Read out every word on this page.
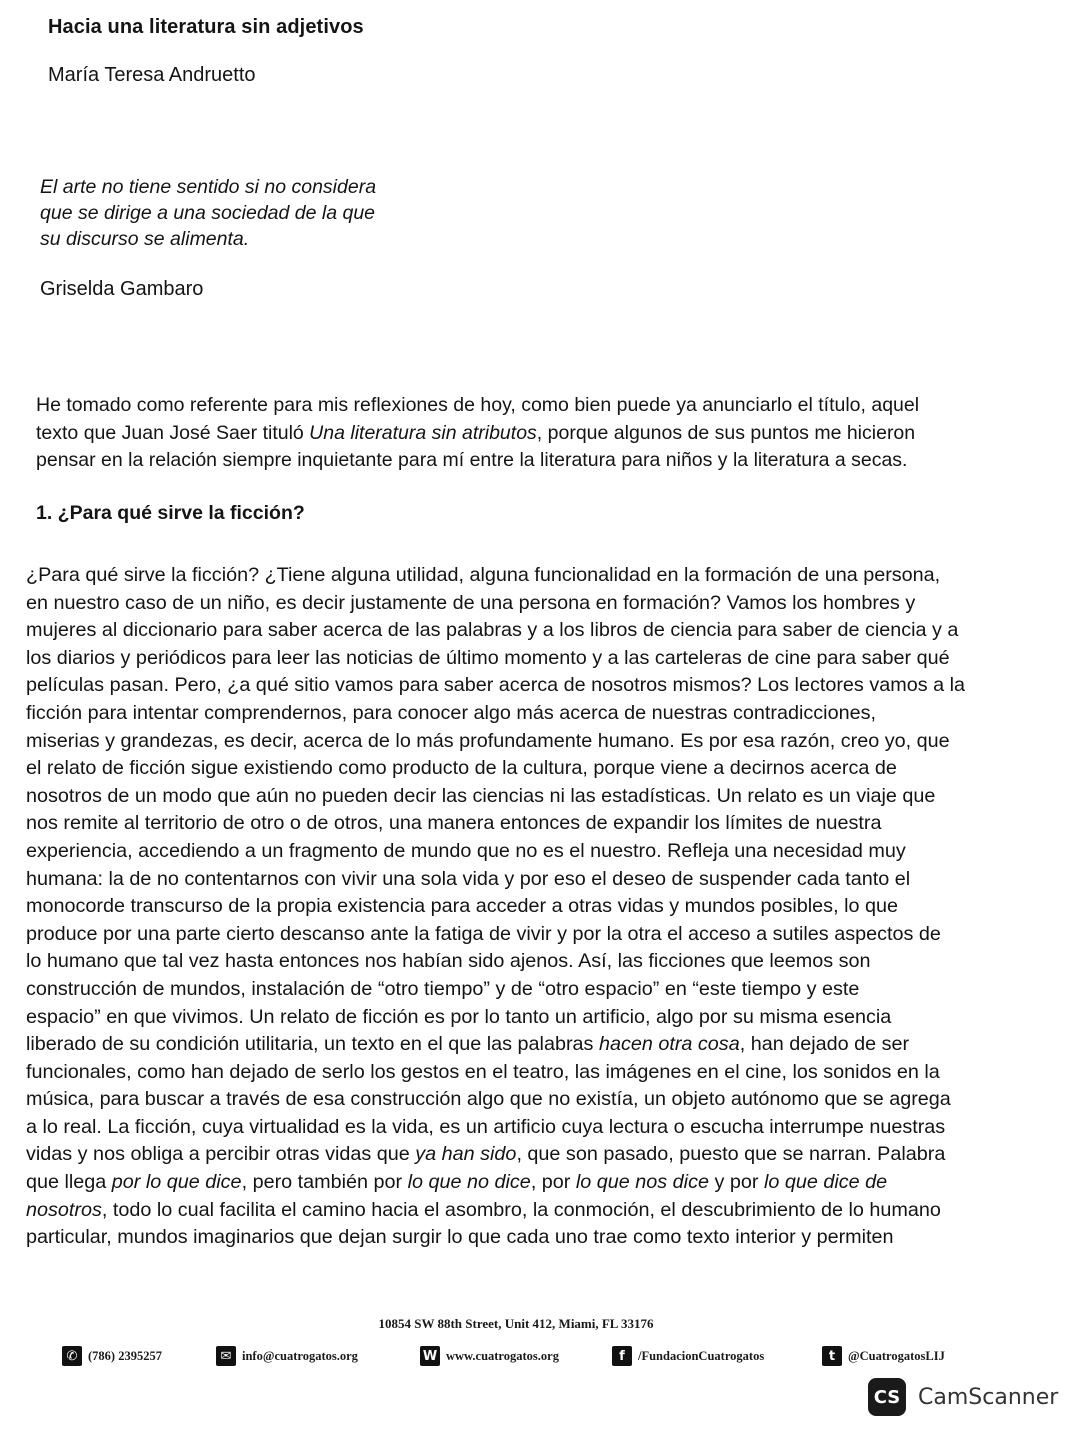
Hacia una literatura sin adjetivos
María Teresa Andruetto
El arte no tiene sentido si no considera
que se dirige a una sociedad de la que
su discurso se alimenta.
Griselda Gambaro
He tomado como referente para mis reflexiones de hoy, como bien puede ya anunciarlo el título, aquel
texto que Juan José Saer tituló Una literatura sin atributos, porque algunos de sus puntos me hicieron
pensar en la relación siempre inquietante para mí entre la literatura para niños y la literatura a secas.
1. ¿Para qué sirve la ficción?
¿Para qué sirve la ficción? ¿Tiene alguna utilidad, alguna funcionalidad en la formación de una persona,
en nuestro caso de un niño, es decir justamente de una persona en formación? Vamos los hombres y
mujeres al diccionario para saber acerca de las palabras y a los libros de ciencia para saber de ciencia y a
los diarios y periódicos para leer las noticias de último momento y a las carteleras de cine para saber qué
películas pasan. Pero, ¿a qué sitio vamos para saber acerca de nosotros mismos? Los lectores vamos a la
ficción para intentar comprendernos, para conocer algo más acerca de nuestras contradicciones,
miserias y grandezas, es decir, acerca de lo más profundamente humano. Es por esa razón, creo yo, que
el relato de ficción sigue existiendo como producto de la cultura, porque viene a decirnos acerca de
nosotros de un modo que aún no pueden decir las ciencias ni las estadísticas. Un relato es un viaje que
nos remite al territorio de otro o de otros, una manera entonces de expandir los límites de nuestra
experiencia, accediendo a un fragmento de mundo que no es el nuestro. Refleja una necesidad muy
humana: la de no contentarnos con vivir una sola vida y por eso el deseo de suspender cada tanto el
monocorde transcurso de la propia existencia para acceder a otras vidas y mundos posibles, lo que
produce por una parte cierto descanso ante la fatiga de vivir y por la otra el acceso a sutiles aspectos de
lo humano que tal vez hasta entonces nos habían sido ajenos. Así, las ficciones que leemos son
construcción de mundos, instalación de “otro tiempo” y de “otro espacio” en “este tiempo y este
espacio” en que vivimos. Un relato de ficción es por lo tanto un artificio, algo por su misma esencia
liberado de su condición utilitaria, un texto en el que las palabras hacen otra cosa, han dejado de ser
funcionales, como han dejado de serlo los gestos en el teatro, las imágenes en el cine, los sonidos en la
música, para buscar a través de esa construcción algo que no existía, un objeto autónomo que se agrega
a lo real. La ficción, cuya virtualidad es la vida, es un artificio cuya lectura o escucha interrumpe nuestras
vidas y nos obliga a percibir otras vidas que ya han sido, que son pasado, puesto que se narran. Palabra
que llega por lo que dice, pero también por lo que no dice, por lo que nos dice y por lo que dice de
nosotros, todo lo cual facilita el camino hacia el asombro, la conmoción, el descubrimiento de lo humano
particular, mundos imaginarios que dejan surgir lo que cada uno trae como texto interior y permiten
10854 SW 88th Street, Unit 412, Miami, FL 33176
✆ (786) 2395257	✉ info@cuatrogatos.org	W www.cuatrogatos.org	f	/FundacionCuatrogatos	t	@CuatrogatosLIJ
CS CamScanner
